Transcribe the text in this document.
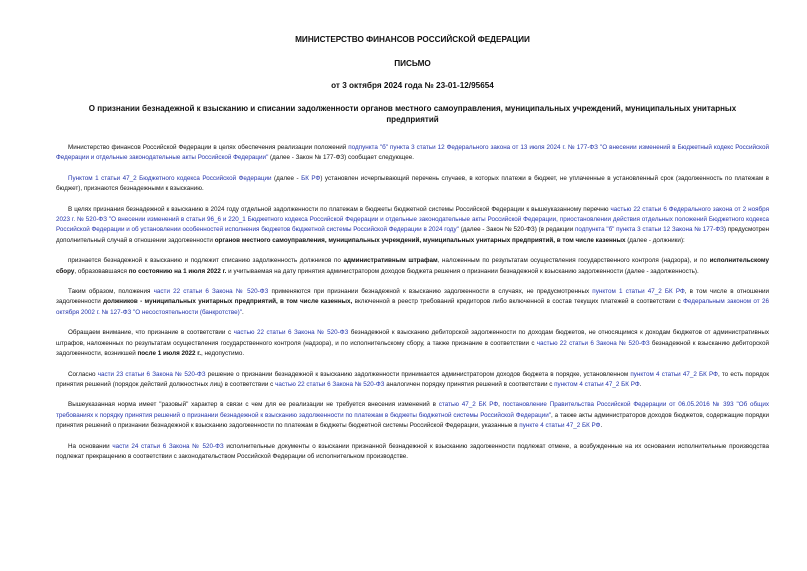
МИНИСТЕРСТВО ФИНАНСОВ РОССИЙСКОЙ ФЕДЕРАЦИИ
ПИСЬМО
от 3 октября 2024 года № 23-01-12/95654
О признании безнадежной к взысканию и списании задолженности органов местного самоуправления, муниципальных учреждений, муниципальных унитарных предприятий

Министерство финансов Российской Федерации в целях обеспечения реализации положений подпункта "б" пункта 3 статьи 12 Федерального закона от 13 июля 2024 г. № 177-ФЗ "О внесении изменений в Бюджетный кодекс Российской Федерации и отдельные законодательные акты Российской Федерации" (далее - Закон № 177-ФЗ) сообщает следующее.

Пунктом 1 статьи 47_2 Бюджетного кодекса Российской Федерации (далее - БК РФ) установлен исчерпывающий перечень случаев, в которых платежи в бюджет, не уплаченные в установленный срок (задолженность по платежам в бюджет), признаются безнадежными к взысканию.

В целях признания безнадежной к взысканию в 2024 году отдельной задолженности по платежам в бюджеты бюджетной системы Российской Федерации к вышеуказанному перечню частью 22 статьи 6 Федерального закона от 2 ноября 2023 г. № 520-ФЗ "О внесении изменений в статьи 96_6 и 220_1 Бюджетного кодекса Российской Федерации и отдельные законодательные акты Российской Федерации, приостановлении действия отдельных положений Бюджетного кодекса Российской Федерации и об установлении особенностей исполнения бюджетов бюджетной системы Российской Федерации в 2024 году" (далее - Закон № 520-ФЗ) (в редакции подпункта "б" пункта 3 статьи 12 Закона № 177-ФЗ) предусмотрен дополнительный случай в отношении задолженности органов местного самоуправления, муниципальных учреждений, муниципальных унитарных предприятий, в том числе казенных (далее - должники):

признается безнадежной к взысканию и подлежит списанию задолженность должников по административным штрафам, наложенным по результатам осуществления государственного контроля (надзора), и по исполнительскому сбору, образовавшаяся по состоянию на 1 июля 2022 г. и учитываемая на дату принятия администратором доходов бюджета решения о признании безнадежной к взысканию задолженности (далее - задолженность).

Таким образом, положения части 22 статьи 6 Закона № 520-ФЗ применяются при признании безнадежной к взысканию задолженности в случаях, не предусмотренных пунктом 1 статьи 47_2 БК РФ, в том числе в отношении задолженности должников - муниципальных унитарных предприятий, в том числе казенных, включенной в реестр требований кредиторов либо включенной в состав текущих платежей в соответствии с Федеральным законом от 26 октября 2002 г. № 127-ФЗ "О несостоятельности (банкротстве)".

Обращаем внимание, что признание в соответствии с частью 22 статьи 6 Закона № 520-ФЗ безнадежной к взысканию дебиторской задолженности по доходам бюджетов, не относящимся к доходам бюджетов от административных штрафов, наложенных по результатам осуществления государственного контроля (надзора), и по исполнительскому сбору, а также признание в соответствии с частью 22 статьи 6 Закона № 520-ФЗ безнадежной к взысканию дебиторской задолженности, возникшей после 1 июля 2022 г., недопустимо.

Согласно части 23 статьи 6 Закона № 520-ФЗ решение о признании безнадежной к взысканию задолженности принимается администратором доходов бюджета в порядке, установленном пунктом 4 статьи 47_2 БК РФ, то есть порядок принятия решений (порядок действий должностных лиц) в соответствии с частью 22 статьи 6 Закона № 520-ФЗ аналогичен порядку принятия решений в соответствии с пунктом 4 статьи 47_2 БК РФ.

Вышеуказанная норма имеет "разовый" характер в связи с чем для ее реализации не требуется внесения изменений в статью 47_2 БК РФ, постановление Правительства Российской Федерации от 06.05.2016 № 393 "Об общих требованиях к порядку принятия решений о признании безнадежной к взысканию задолженности по платежам в бюджеты бюджетной системы Российской Федерации", а также акты администраторов доходов бюджетов, содержащие порядки принятия решений о признании безнадежной к взысканию задолженности по платежам в бюджеты бюджетной системы Российской Федерации, указанные в пункте 4 статьи 47_2 БК РФ.

На основании части 24 статьи 6 Закона № 520-ФЗ исполнительные документы о взыскании признанной безнадежной к взысканию задолженности подлежат отмене, а возбужденные на их основании исполнительные производства подлежат прекращению в соответствии с законодательством Российской Федерации об исполнительном производстве.
